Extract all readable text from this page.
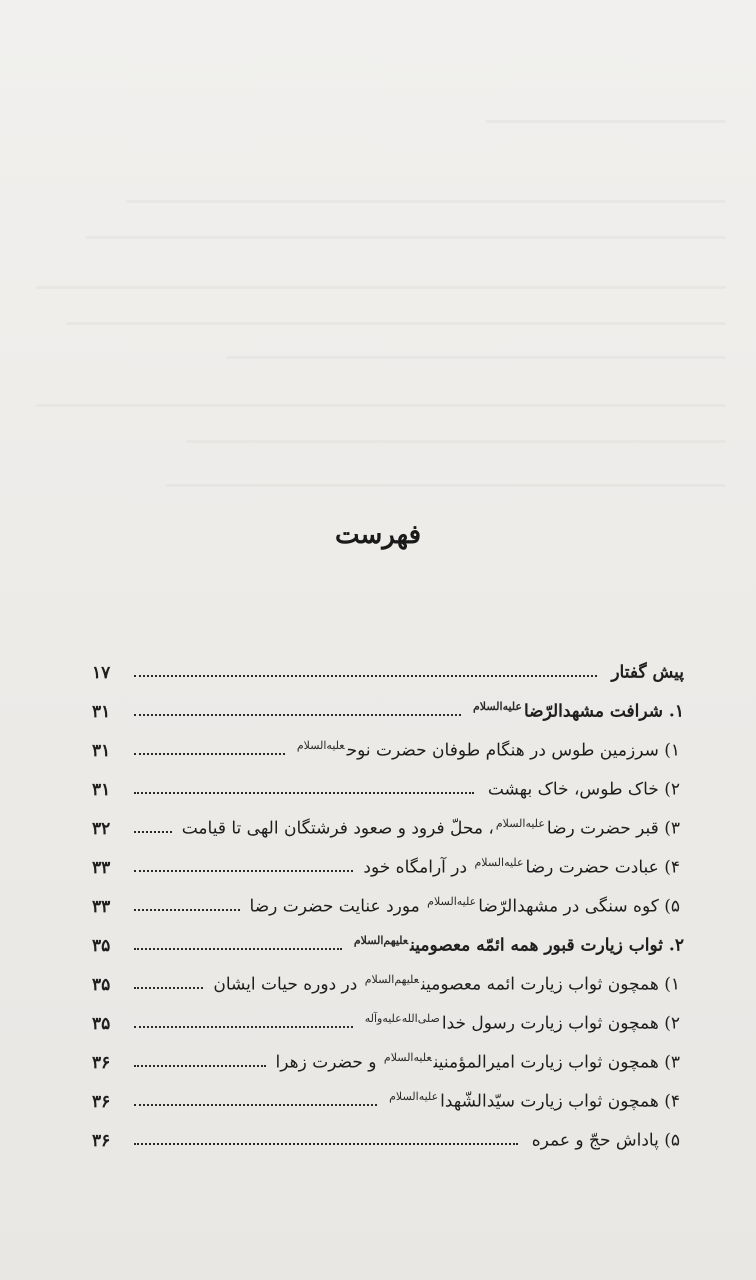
فهرست
پیش گفتار
۱۷
۱. شرافت مشهدالرّضا$^{عليه‌السلام}$
۳۱
۱) سرزمین طوس در هنگام طوفان حضرت نوح$^{عليه‌السلام}$
۳۱
۲) خاک طوس، خاک بهشت
۳۱
۳) قبر حضرت رضا$^{عليه‌السلام}$، محلّ فرود و صعود فرشتگان الهی تا قیامت
۳۲
۴) عبادت حضرت رضا$^{عليه‌السلام}$ در آرامگاه خود
۳۳
۵) کوه سنگی در مشهدالرّضا$^{عليه‌السلام}$ مورد عنایت حضرت رضا
۳۳
۲. ثواب زیارت قبور همه ائمّه معصومین$^{عليهم‌السلام}$
۳۵
۱) همچون ثواب زیارت ائمه معصومین$^{عليهم‌السلام}$ در دوره حیات ایشان
۳۵
۲) همچون ثواب زیارت رسول خدا$^{صلى‌الله‌عليه‌وآله}$
۳۵
۳) همچون ثواب زیارت امیرالمؤمنین$^{عليه‌السلام}$ و حضرت زهرا
۳۶
۴) همچون ثواب زیارت سیّدالشّهدا$^{عليه‌السلام}$
۳۶
۵) پاداش حجّ و عمره
۳۶
